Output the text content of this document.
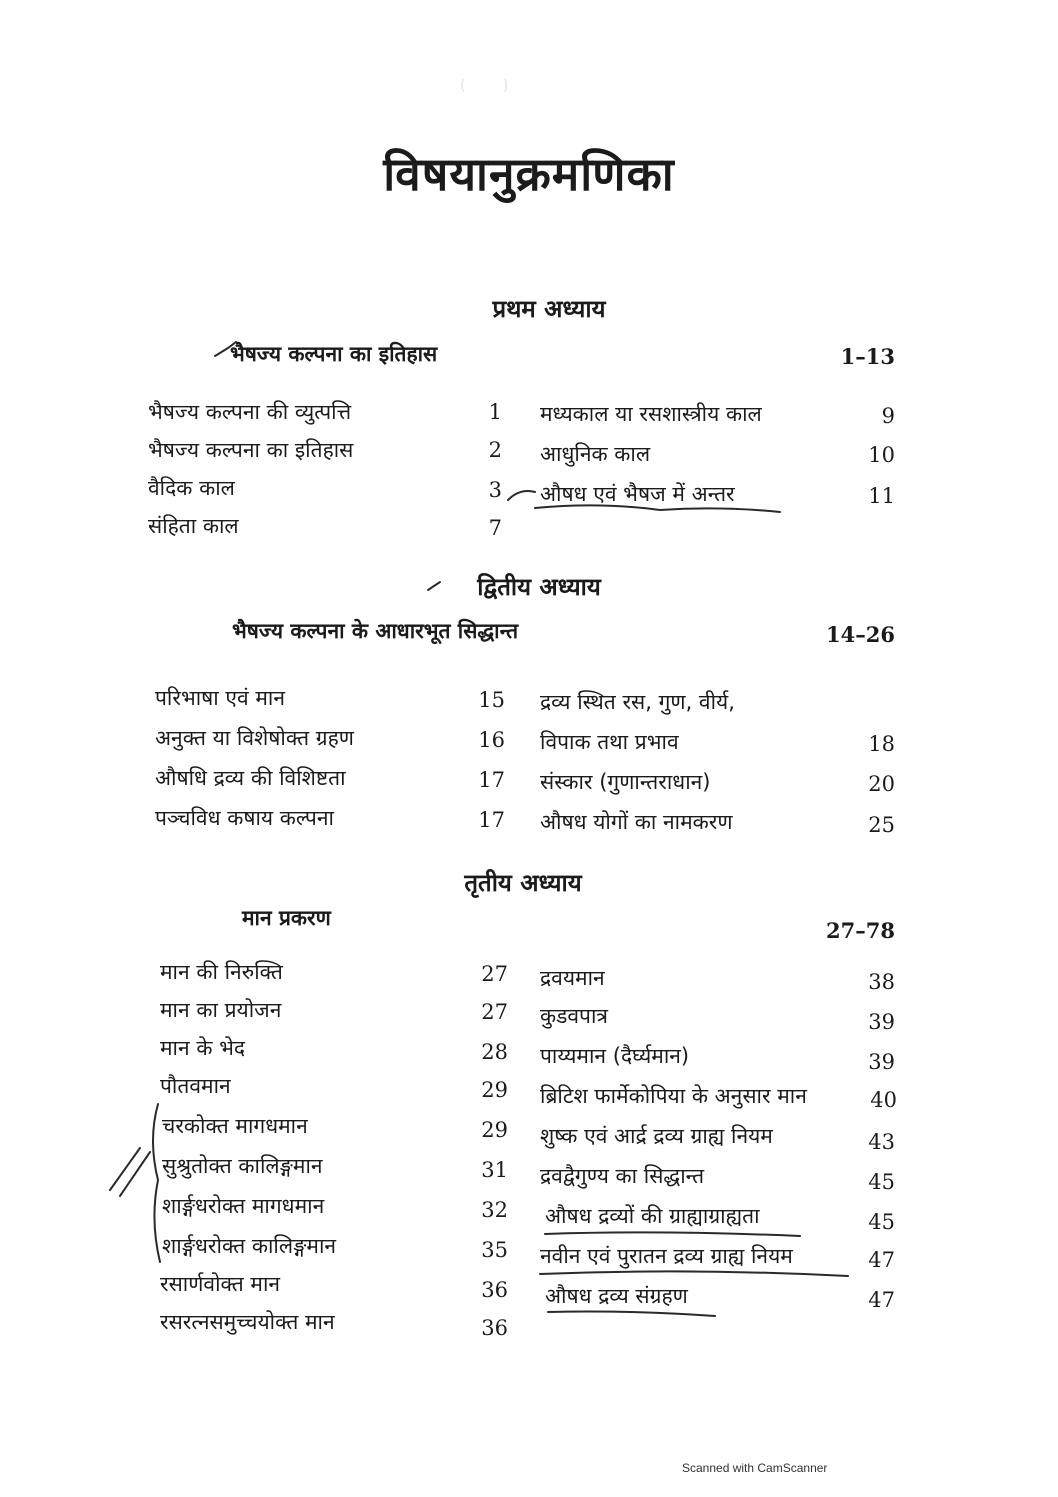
(   )
विषयानुक्रमणिका
प्रथम अध्याय
भैषज्य कल्पना का इतिहास	1–13
भैषज्य कल्पना की व्युत्पत्ति	1
भैषज्य कल्पना का इतिहास	2
वैदिक काल	3
संहिता काल	7
मध्यकाल या रसशास्त्रीय काल	9
आधुनिक काल	10
औषध एवं भैषज में अन्तर	11
द्वितीय अध्याय
भैषज्य कल्पना के आधारभूत सिद्धान्त	14–26
परिभाषा एवं मान	15
अनुक्त या विशेषोक्त ग्रहण	16
औषधि द्रव्य की विशिष्टता	17
पञ्चविध कषाय कल्पना	17
द्रव्य स्थित रस, गुण, वीर्य,
विपाक तथा प्रभाव	18
संस्कार (गुणान्तराधान)	20
औषध योगों का नामकरण	25
तृतीय अध्याय
मान प्रकरण	27–78
मान की निरुक्ति	27
मान का प्रयोजन	27
मान के भेद	28
पौतवमान	29
चरकोक्त मागधमान	29
सुश्रुतोक्त कालिङ्गमान	31
शार्ङ्गधरोक्त मागधमान	32
शार्ङ्गधरोक्त कालिङ्गमान	35
रसार्णवोक्त मान	36
रसरत्नसमुच्चयोक्त मान	36
द्रवयमान	38
कुडवपात्र	39
पाय्यमान (दैर्घ्यमान)	39
ब्रिटिश फार्मेकोपिया के अनुसार मान	40
शुष्क एवं आर्द्र द्रव्य ग्राह्य नियम	43
द्रवद्वैगुण्य का सिद्धान्त	45
औषध द्रव्यों की ग्राह्याग्राह्यता	45
नवीन एवं पुरातन द्रव्य ग्राह्य नियम	47
औषध द्रव्य संग्रहण	47
Scanned with CamScanner
